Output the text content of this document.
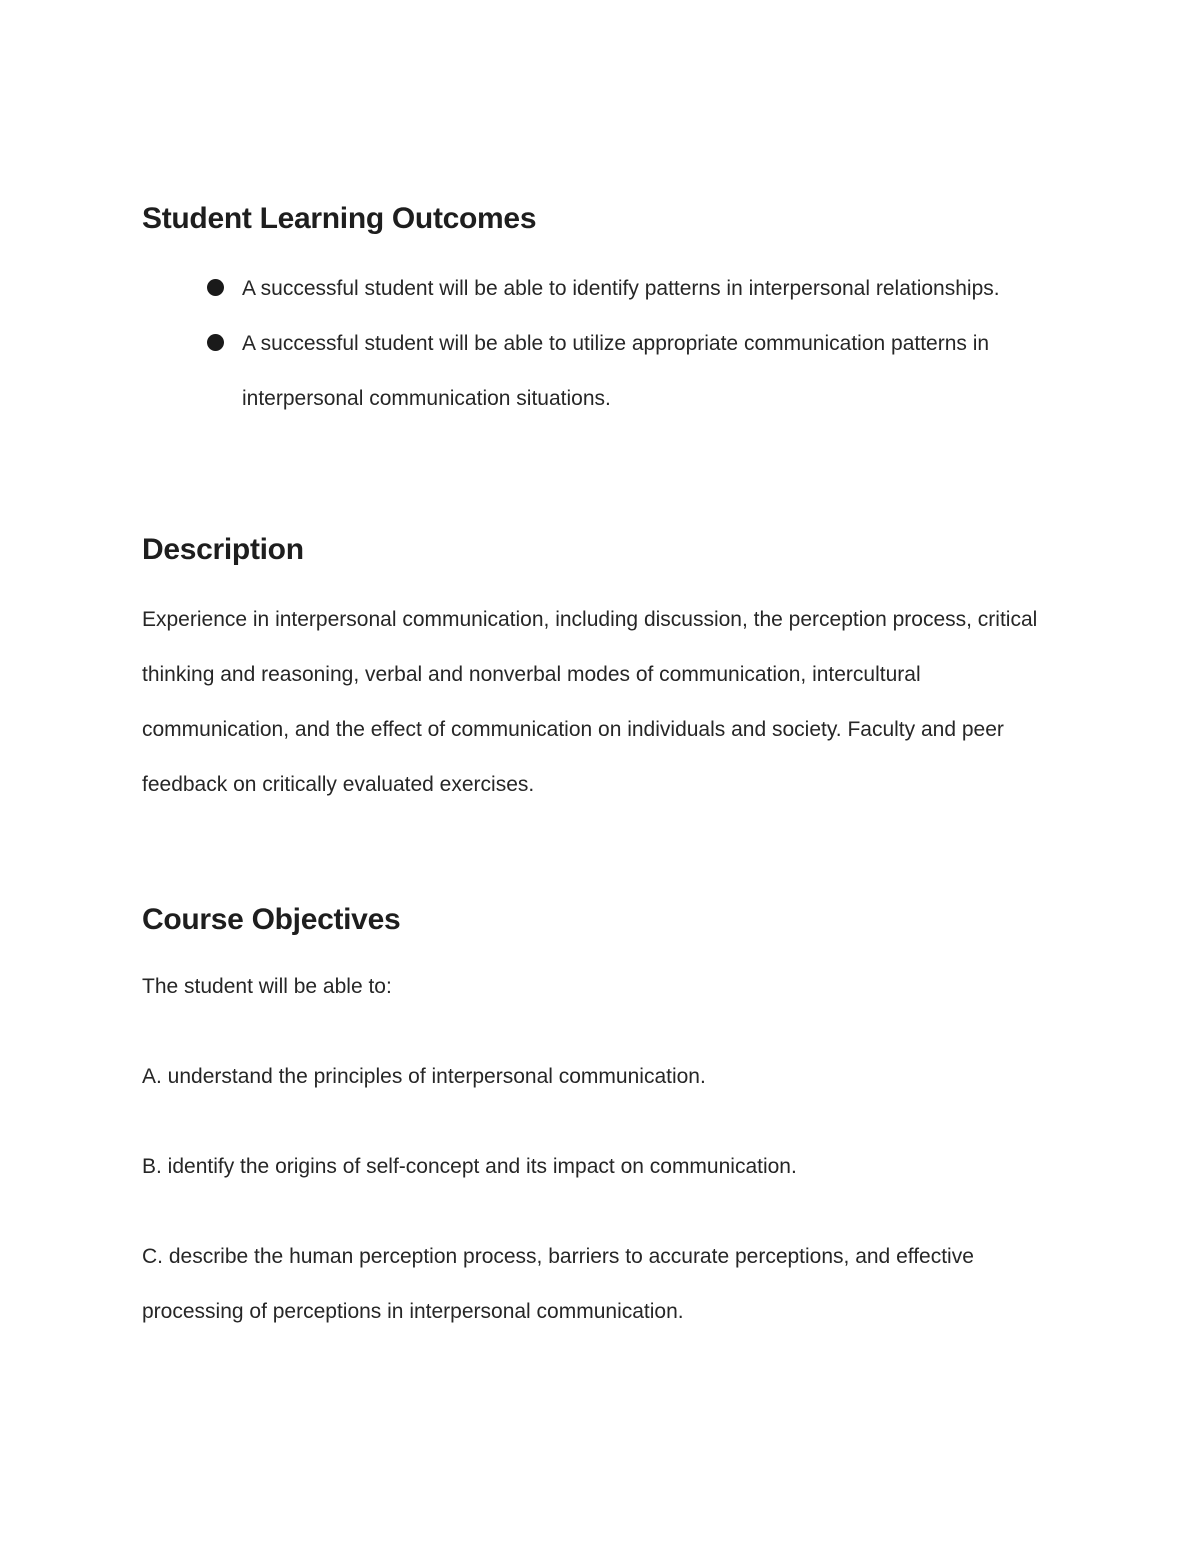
Student Learning Outcomes
A successful student will be able to identify patterns in interpersonal relationships.
A successful student will be able to utilize appropriate communication patterns in interpersonal communication situations.
Description

Experience in interpersonal communication, including discussion, the perception process, critical thinking and reasoning, verbal and nonverbal modes of communication, intercultural communication, and the effect of communication on individuals and society. Faculty and peer feedback on critically evaluated exercises.

Course Objectives

The student will be able to:

A. understand the principles of interpersonal communication.

B. identify the origins of self-concept and its impact on communication.

C. describe the human perception process, barriers to accurate perceptions, and effective processing of perceptions in interpersonal communication.
